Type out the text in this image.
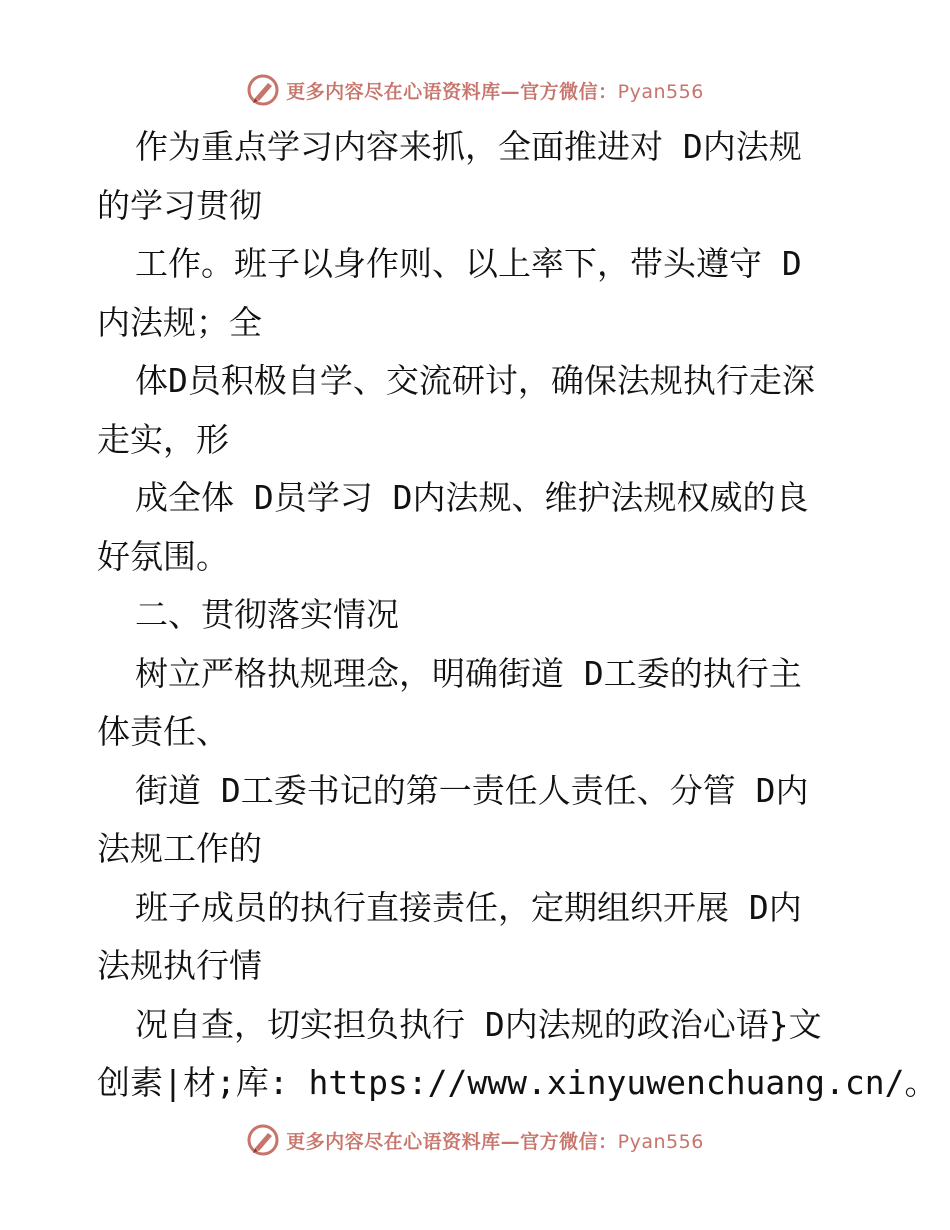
更多内容尽在心语资料库—官方微信：Pyan556
作为重点学习内容来抓，全面推进对 D内法规
的学习贯彻
工作。班子以身作则、以上率下，带头遵守 D
内法规；全
体D员积极自学、交流研讨，确保法规执行走深
走实，形
成全体 D员学习 D内法规、维护法规权威的良
好氛围。
二、贯彻落实情况
树立严格执规理念，明确街道 D工委的执行主
体责任、
街道 D工委书记的第一责任人责任、分管 D内
法规工作的
班子成员的执行直接责任，定期组织开展 D内
法规执行情
况自查，切实担负执行 D内法规的政治心语}文
创素|材;库: https://www.xinyuwenchuang.cn/。
更多内容尽在心语资料库—官方微信：Pyan556
